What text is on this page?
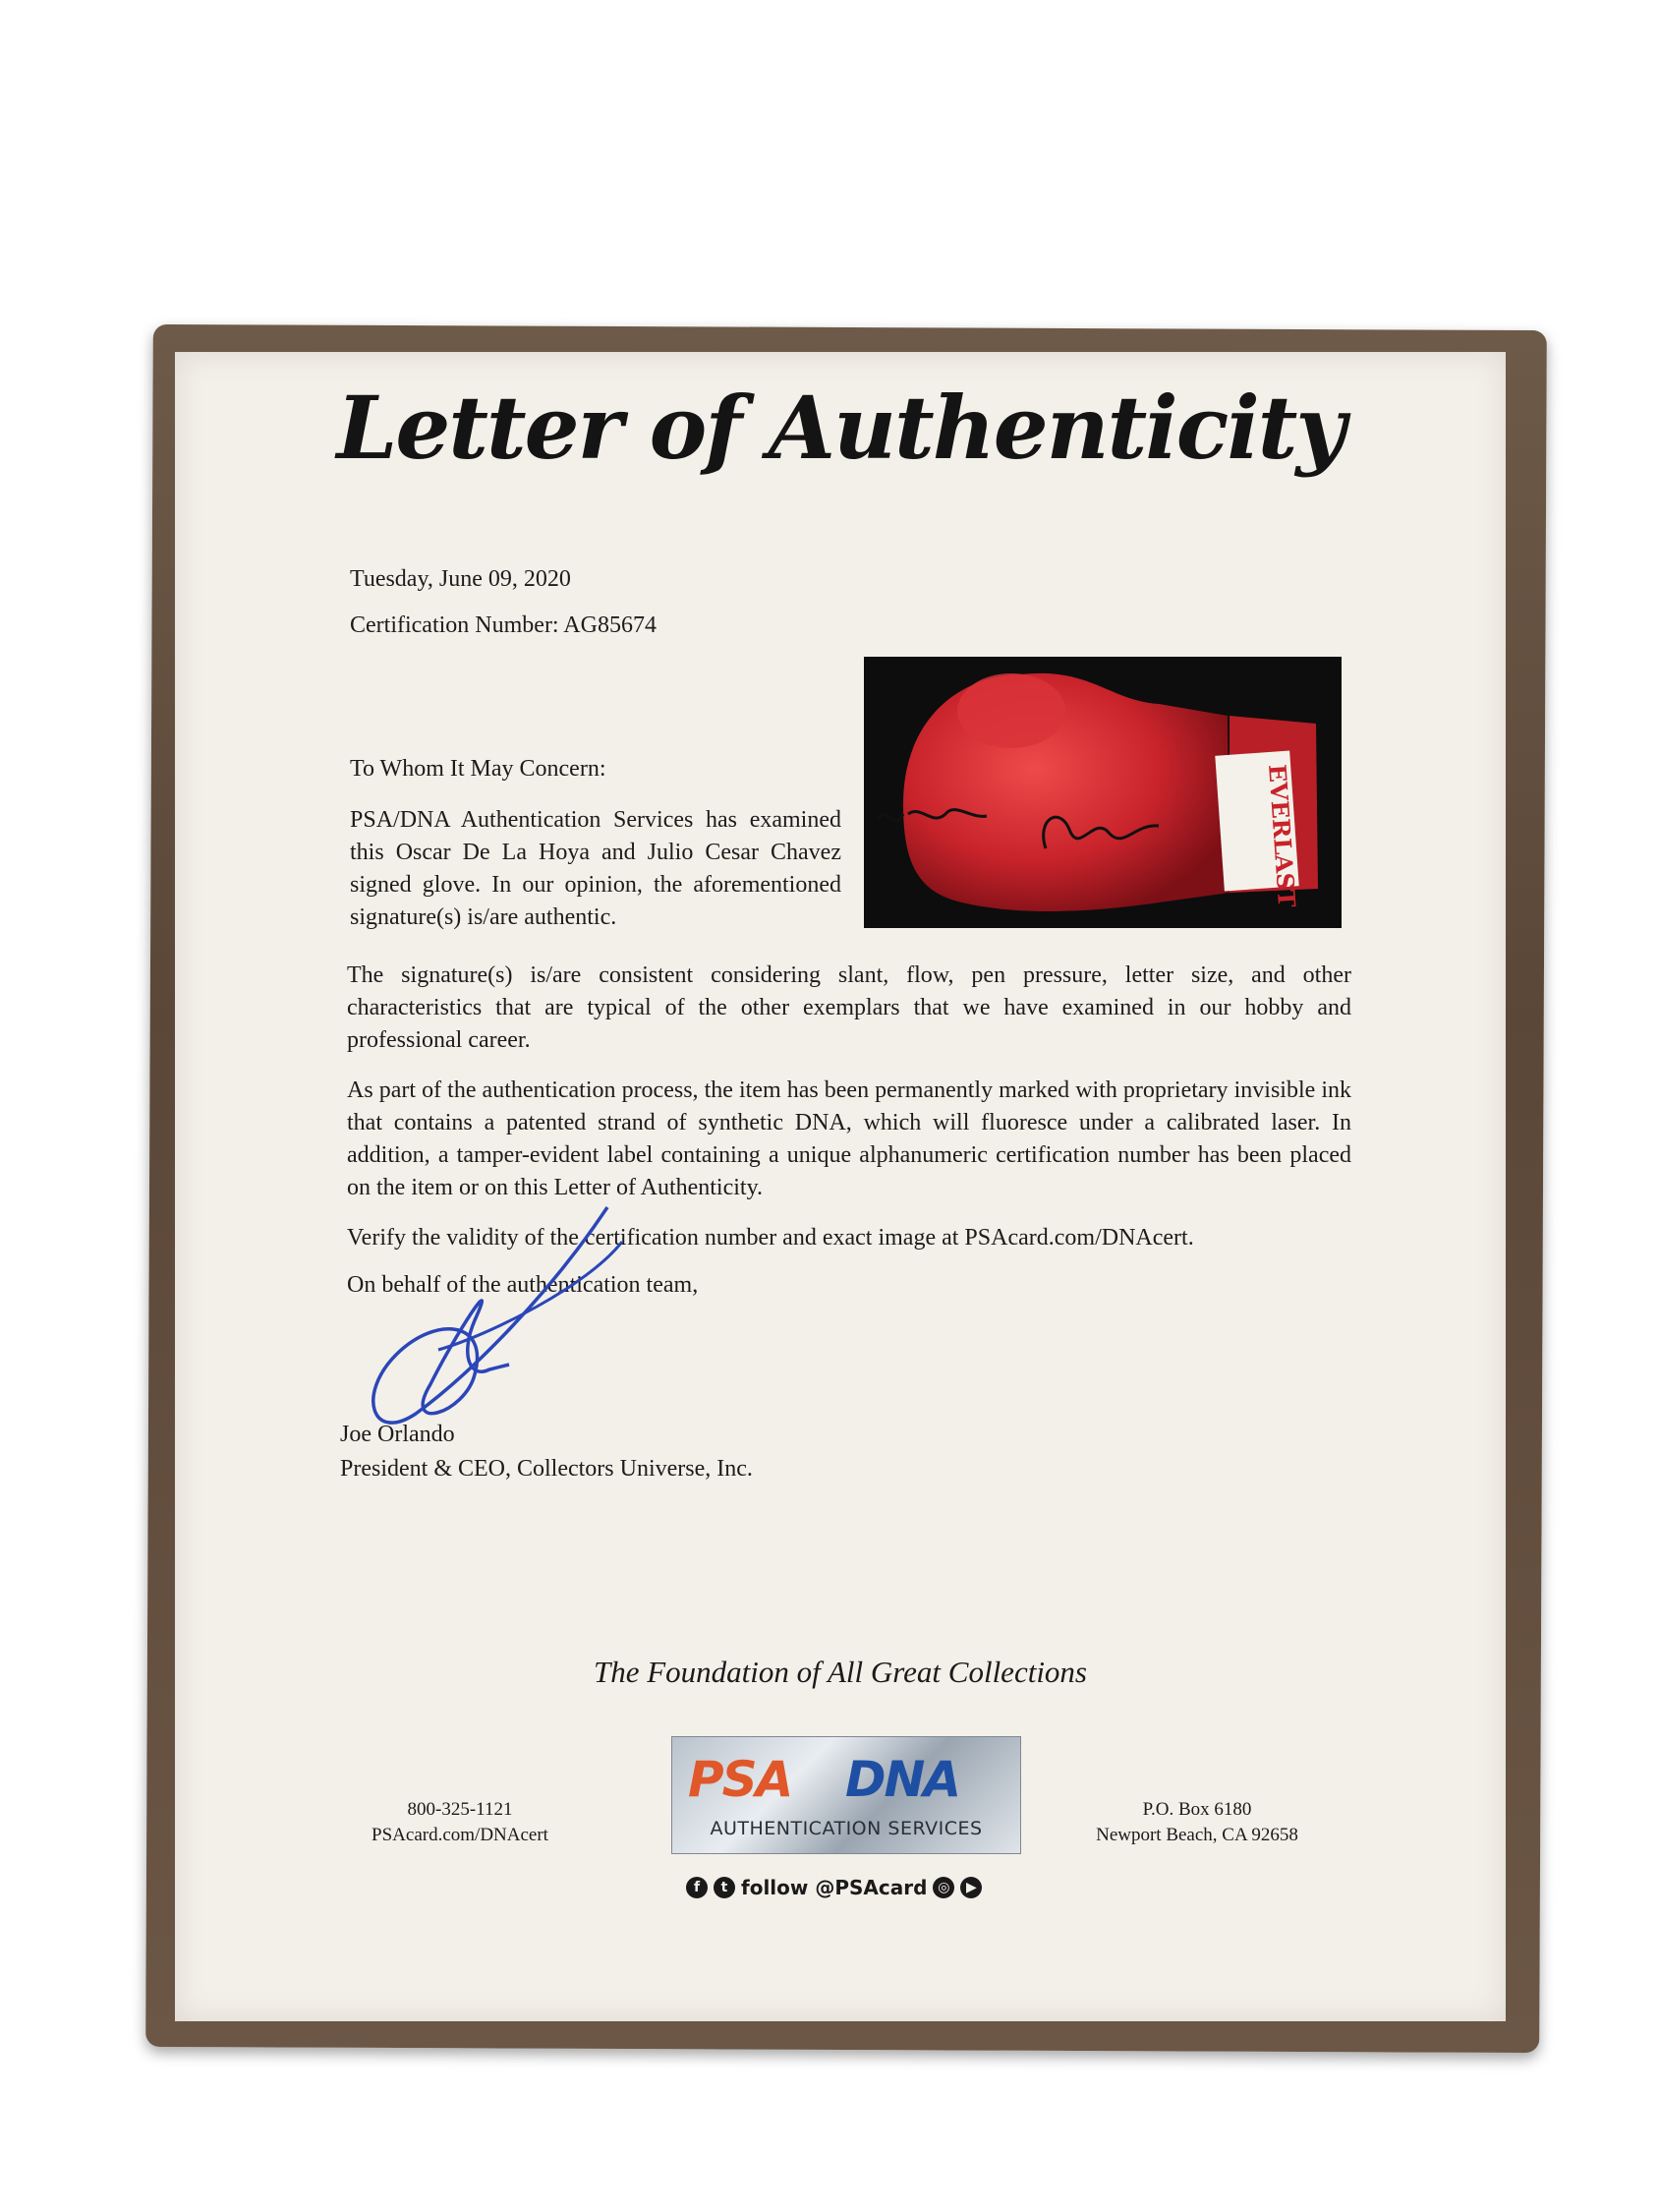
Letter of Authenticity
Tuesday, June 09, 2020
Certification Number: AG85674
To Whom It May Concern:
PSA/DNA Authentication Services has examined this Oscar De La Hoya and Julio Cesar Chavez signed glove. In our opinion, the aforementioned signature(s) is/are authentic.
EVERLAST
The signature(s) is/are consistent considering slant, flow, pen pressure, letter size, and other characteristics that are typical of the other exemplars that we have examined in our hobby and professional career.
As part of the authentication process, the item has been permanently marked with proprietary invisible ink that contains a patented strand of synthetic DNA, which will fluoresce under a calibrated laser. In addition, a tamper-evident label containing a unique alphanumeric certification number has been placed on the item or on this Letter of Authenticity.
Verify the validity of the certification number and exact image at PSAcard.com/DNAcert.
On behalf of the authentication team,
Joe Orlando
President & CEO, Collectors Universe, Inc.
The Foundation of All Great Collections
800-325-1121
PSAcard.com/DNAcert
PSA DNA
AUTHENTICATION SERVICES
f	t follow @PSAcard ◎	▶
P.O. Box 6180
Newport Beach, CA 92658
